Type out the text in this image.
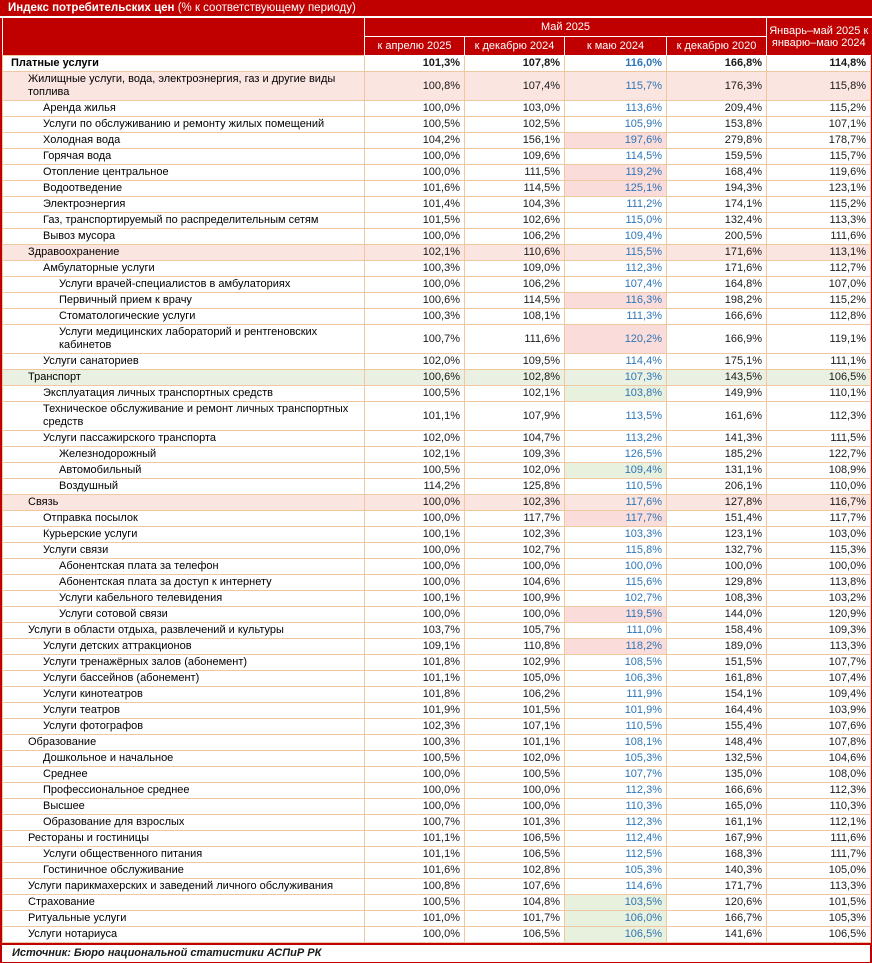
Индекс потребительских цен (% к соответствующему периоду)
	Май 2025				Январь–май 2025 к январю–маю 2024
	к апрелю 2025	к декабрю 2024	к маю 2024	к декабрю 2020	
Платные услуги	101,3%	107,8%	116,0%	166,8%	114,8%
Жилищные услуги, вода, электроэнергия, газ и другие виды топлива	100,8%	107,4%	115,7%	176,3%	115,8%
Аренда жилья	100,0%	103,0%	113,6%	209,4%	115,2%
Услуги по обслуживанию и ремонту жилых помещений	100,5%	102,5%	105,9%	153,8%	107,1%
Холодная вода	104,2%	156,1%	197,6%	279,8%	178,7%
Горячая вода	100,0%	109,6%	114,5%	159,5%	115,7%
Отопление центральное	100,0%	111,5%	119,2%	168,4%	119,6%
Водоотведение	101,6%	114,5%	125,1%	194,3%	123,1%
Электроэнергия	101,4%	104,3%	111,2%	174,1%	115,2%
Газ, транспортируемый по распределительным сетям	101,5%	102,6%	115,0%	132,4%	113,3%
Вывоз мусора	100,0%	106,2%	109,4%	200,5%	111,6%
Здравоохранение	102,1%	110,6%	115,5%	171,6%	113,1%
Амбулаторные услуги	100,3%	109,0%	112,3%	171,6%	112,7%
Услуги врачей-специалистов в амбулаториях	100,0%	106,2%	107,4%	164,8%	107,0%
Первичный прием к врачу	100,6%	114,5%	116,3%	198,2%	115,2%
Стоматологические услуги	100,3%	108,1%	111,3%	166,6%	112,8%
Услуги медицинских лабораторий и рентгеновских кабинетов	100,7%	111,6%	120,2%	166,9%	119,1%
Услуги санаториев	102,0%	109,5%	114,4%	175,1%	111,1%
Транспорт	100,6%	102,8%	107,3%	143,5%	106,5%
Эксплуатация личных транспортных средств	100,5%	102,1%	103,8%	149,9%	110,1%
Техническое обслуживание и ремонт личных транспортных средств	101,1%	107,9%	113,5%	161,6%	112,3%
Услуги пассажирского транспорта	102,0%	104,7%	113,2%	141,3%	111,5%
Железнодорожный	102,1%	109,3%	126,5%	185,2%	122,7%
Автомобильный	100,5%	102,0%	109,4%	131,1%	108,9%
Воздушный	114,2%	125,8%	110,5%	206,1%	110,0%
Связь	100,0%	102,3%	117,6%	127,8%	116,7%
Отправка посылок	100,0%	117,7%	117,7%	151,4%	117,7%
Курьерские услуги	100,1%	102,3%	103,3%	123,1%	103,0%
Услуги связи	100,0%	102,7%	115,8%	132,7%	115,3%
Абонентская плата за телефон	100,0%	100,0%	100,0%	100,0%	100,0%
Абонентская плата за доступ к интернету	100,0%	104,6%	115,6%	129,8%	113,8%
Услуги кабельного телевидения	100,1%	100,9%	102,7%	108,3%	103,2%
Услуги сотовой связи	100,0%	100,0%	119,5%	144,0%	120,9%
Услуги в области отдыха, развлечений и культуры	103,7%	105,7%	111,0%	158,4%	109,3%
Услуги детских аттракционов	109,1%	110,8%	118,2%	189,0%	113,3%
Услуги тренажёрных залов (абонемент)	101,8%	102,9%	108,5%	151,5%	107,7%
Услуги бассейнов (абонемент)	101,1%	105,0%	106,3%	161,8%	107,4%
Услуги кинотеатров	101,8%	106,2%	111,9%	154,1%	109,4%
Услуги театров	101,9%	101,5%	101,9%	164,4%	103,9%
Услуги фотографов	102,3%	107,1%	110,5%	155,4%	107,6%
Образование	100,3%	101,1%	108,1%	148,4%	107,8%
Дошкольное и начальное	100,5%	102,0%	105,3%	132,5%	104,6%
Среднее	100,0%	100,5%	107,7%	135,0%	108,0%
Профессиональное среднее	100,0%	100,0%	112,3%	166,6%	112,3%
Высшее	100,0%	100,0%	110,3%	165,0%	110,3%
Образование для взрослых	100,7%	101,3%	112,3%	161,1%	112,1%
Рестораны и гостиницы	101,1%	106,5%	112,4%	167,9%	111,6%
Услуги общественного питания	101,1%	106,5%	112,5%	168,3%	111,7%
Гостиничное обслуживание	101,6%	102,8%	105,3%	140,3%	105,0%
Услуги парикмахерских и заведений личного обслуживания	100,8%	107,6%	114,6%	171,7%	113,3%
Страхование	100,5%	104,8%	103,5%	120,6%	101,5%
Ритуальные услуги	101,0%	101,7%	106,0%	166,7%	105,3%
Услуги нотариуса	100,0%	106,5%	106,5%	141,6%	106,5%
Источник: Бюро национальной статистики АСПиР РК
